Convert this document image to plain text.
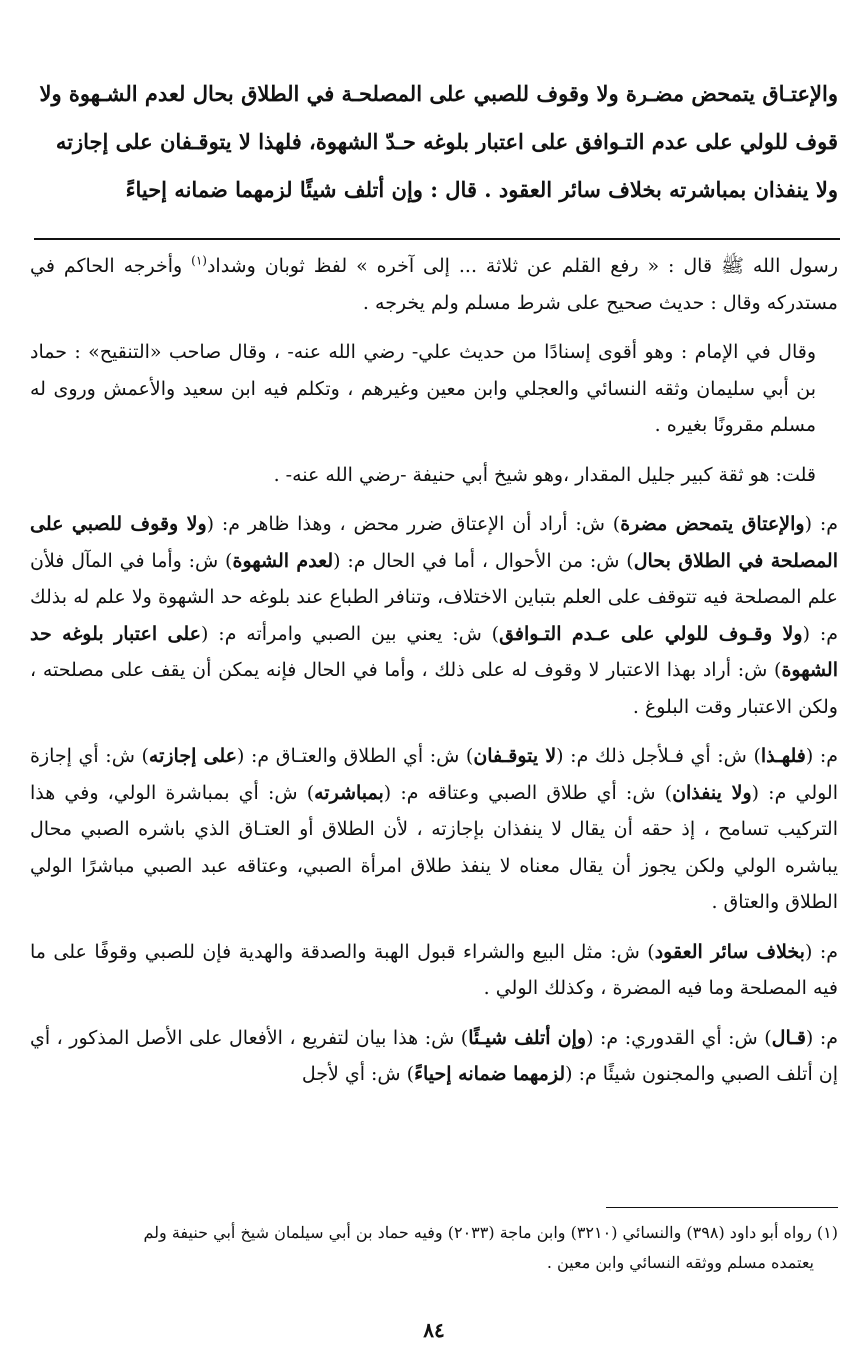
والإعتـاق يتمحض مضـرة ولا وقوف للصبي على المصلحـة في الطلاق بحال لعدم الشـهوة ولا

قوف للولي على عدم التـوافق على اعتبار بلوغه حـدّ الشهوة، فلهذا لا يتوقـفان على إجازته

ولا ينفذان بمباشرته بخلاف سائر العقود . قال : وإن أتلف شيئًا لزمهما ضمانه إحياءً

رسول الله ﷺ قال : « رفع القلم عن ثلاثة ... إلى آخره » لفظ ثوبان وشداد$^{(١)}$ وأخرجه الحاكم في مستدركه وقال : حديث صحيح على شرط مسلم ولم يخرجه .

وقال في الإمام : وهو أقوى إسنادًا من حديث علي- رضي الله عنه- ، وقال صاحب «التنقيح» : حماد بن أبي سليمان وثقه النسائي والعجلي وابن معين وغيرهم ، وتكلم فيه ابن سعيد والأعمش وروى له مسلم مقرونًا بغيره .

قلت: هو ثقة كبير جليل المقدار ،وهو شيخ أبي حنيفة -رضي الله عنه- .

م: (والإعتاق يتمحض مضرة) ش: أراد أن الإعتاق ضرر محض ، وهذا ظاهر م: (ولا وقوف للصبي على المصلحة في الطلاق بحال) ش: من الأحوال ، أما في الحال م: (لعدم الشهوة) ش: وأما في المآل فلأن علم المصلحة فيه تتوقف على العلم بتباين الاختلاف، وتنافر الطباع عند بلوغه حد الشهوة ولا علم له بذلك م: (ولا وقـوف للولي على عـدم التـوافق) ش: يعني بين الصبي وامرأته م: (على اعتبار بلوغه حد الشهوة) ش: أراد بهذا الاعتبار لا وقوف له على ذلك ، وأما في الحال فإنه يمكن أن يقف على مصلحته ، ولكن الاعتبار وقت البلوغ .

م: (فلهـذا) ش: أي فـلأجل ذلك م: (لا يتوقـفان) ش: أي الطلاق والعتـاق م: (على إجازته) ش: أي إجازة الولي م: (ولا ينفذان) ش: أي طلاق الصبي وعتاقه م: (بمباشرته) ش: أي بمباشرة الولي، وفي هذا التركيب تسامح ، إذ حقه أن يقال لا ينفذان بإجازته ، لأن الطلاق أو العتـاق الذي باشره الصبي محال يباشره الولي ولكن يجوز أن يقال معناه لا ينفذ طلاق امرأة الصبي، وعتاقه عبد الصبي مباشرًا الولي الطلاق والعتاق .

م: (بخلاف سائر العقود) ش: مثل البيع والشراء قبول الهبة والصدقة والهدية فإن للصبي وقوفًا على ما فيه المصلحة وما فيه المضرة ، وكذلك الولي .

م: (قـال) ش: أي القدوري: م: (وإن أتلف شيـئًا) ش: هذا بيان لتفريع ، الأفعال على الأصل المذكور ، أي إن أتلف الصبي والمجنون شيئًا م: (لزمهما ضمانه إحياءً) ش: أي لأجل

(١) رواه أبو داود (٣٩٨) والنسائي (٣٢١٠) وابن ماجة (٢٠٣٣) وفيه حماد بن أبي سيلمان شيخ أبي حنيفة ولم

يعتمده مسلم ووثقه النسائي وابن معين .

٨٤
